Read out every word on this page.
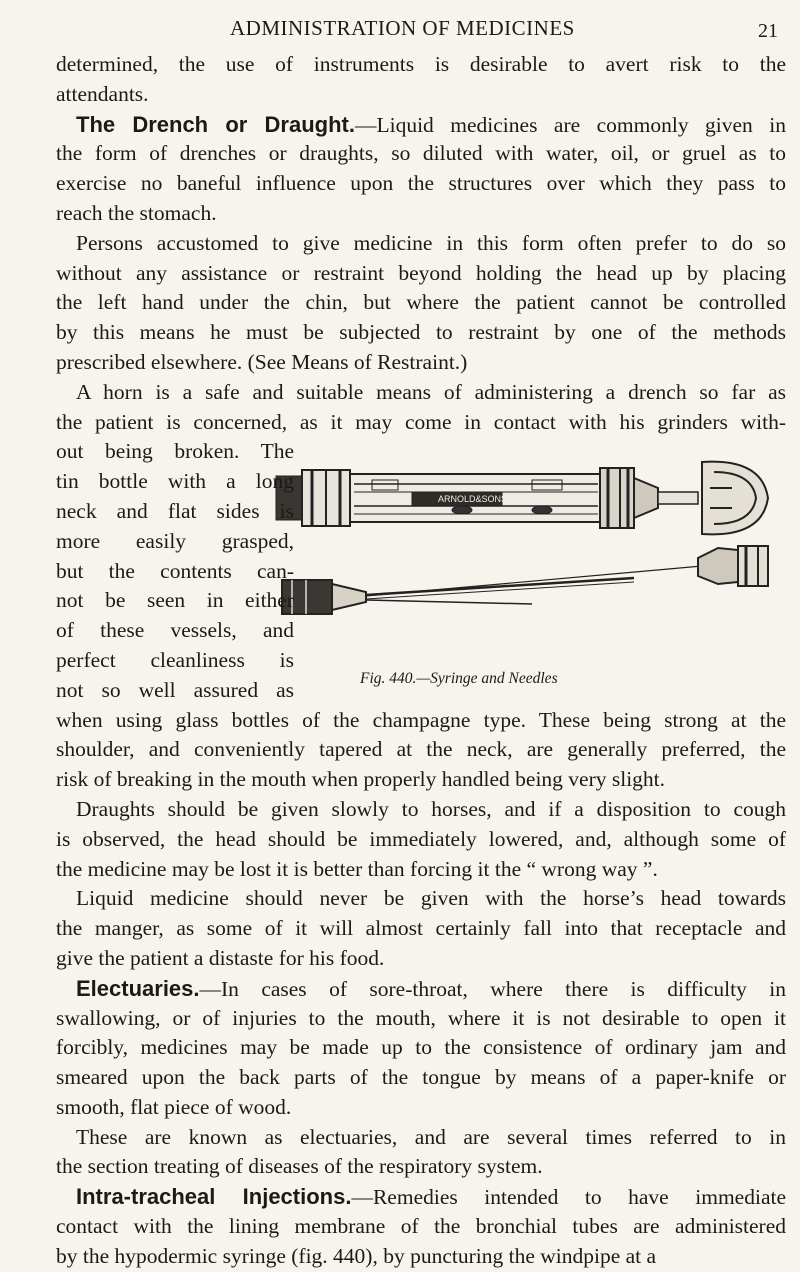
ADMINISTRATION OF MEDICINES	21
ARNOLD&SONS
Fig. 440.—Syringe and Needles
determined, the use of instruments is desirable to avert risk to the
attendants.
The Drench or Draught.—Liquid medicines are commonly given in
the form of drenches or draughts, so diluted with water, oil, or gruel as to
exercise no baneful influence upon the structures over which they pass to
reach the stomach.
Persons accustomed to give medicine in this form often prefer to do so
without any assistance or restraint beyond holding the head up by placing
the left hand under the chin, but where the patient cannot be controlled
by this means he must be subjected to restraint by one of the methods
prescribed elsewhere. (See Means of Restraint.)
A horn is a safe and suitable means of administering a drench so far as
the patient is concerned, as it may come in contact with his grinders with-
out being broken. The
tin bottle with a long
neck and flat sides is
more easily grasped,
but the contents can-
not be seen in either
of these vessels, and
perfect cleanliness is
not so well assured as
when using glass bottles of the champagne type. These being strong at the
shoulder, and conveniently tapered at the neck, are generally preferred, the
risk of breaking in the mouth when properly handled being very slight.
Draughts should be given slowly to horses, and if a disposition to cough
is observed, the head should be immediately lowered, and, although some of
the medicine may be lost it is better than forcing it the “ wrong way ”.
Liquid medicine should never be given with the horse’s head towards
the manger, as some of it will almost certainly fall into that receptacle and
give the patient a distaste for his food.
Electuaries.—In cases of sore-throat, where there is difficulty in
swallowing, or of injuries to the mouth, where it is not desirable to open it
forcibly, medicines may be made up to the consistence of ordinary jam and
smeared upon the back parts of the tongue by means of a paper-knife or
smooth, flat piece of wood.
These are known as electuaries, and are several times referred to in
the section treating of diseases of the respiratory system.
Intra-tracheal Injections.—Remedies intended to have immediate
contact with the lining membrane of the bronchial tubes are administered
by the hypodermic syringe (fig. 440), by puncturing the windpipe at a
